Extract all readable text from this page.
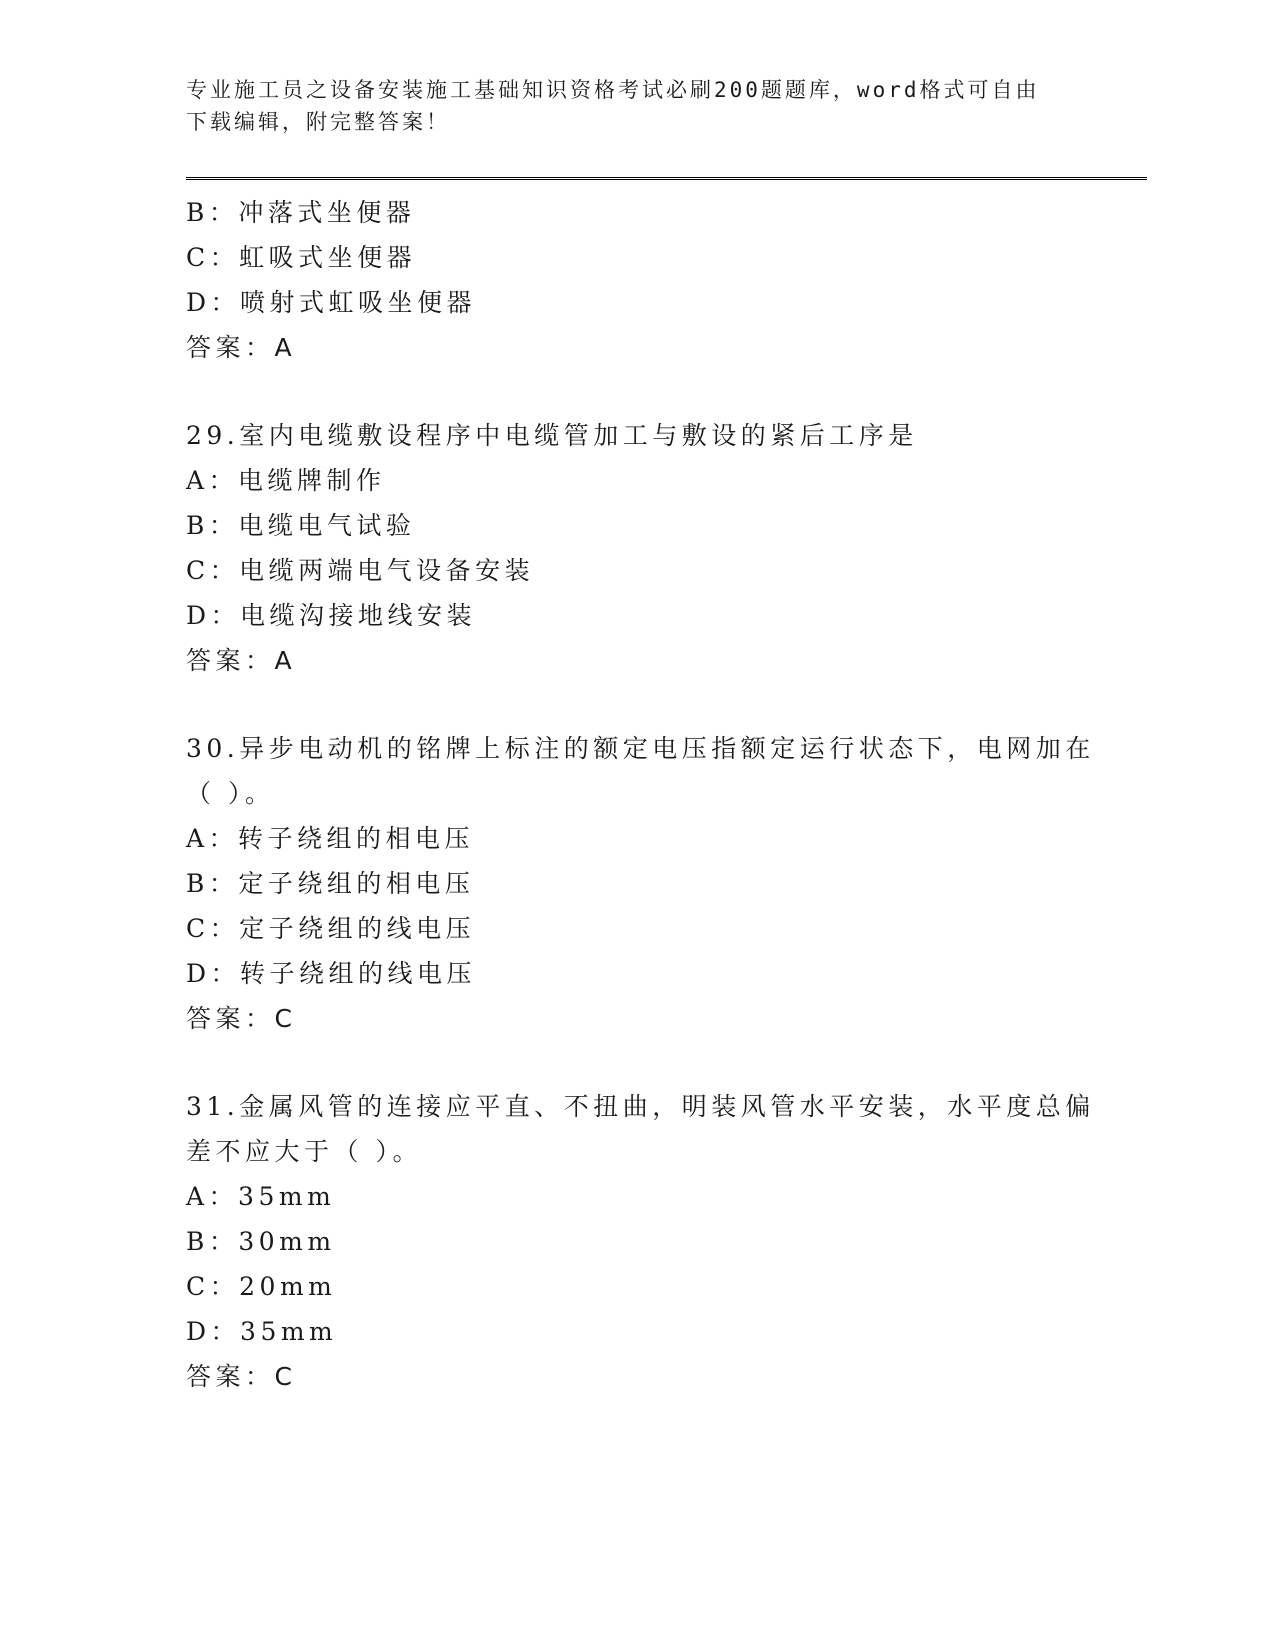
专业施工员之设备安装施工基础知识资格考试必刷200题题库，word格式可自由
下载编辑，附完整答案！
B：冲落式坐便器
C：虹吸式坐便器
D：喷射式虹吸坐便器
答案：A
29.室内电缆敷设程序中电缆管加工与敷设的紧后工序是
A：电缆牌制作
B：电缆电气试验
C：电缆两端电气设备安装
D：电缆沟接地线安装
答案：A
30.异步电动机的铭牌上标注的额定电压指额定运行状态下，电网加在
（ ）。
A：转子绕组的相电压
B：定子绕组的相电压
C：定子绕组的线电压
D：转子绕组的线电压
答案：C
31.金属风管的连接应平直、不扭曲，明装风管水平安装，水平度总偏
差不应大于（ ）。
A：35mm
B：30mm
C：20mm
D：35mm
答案：C
